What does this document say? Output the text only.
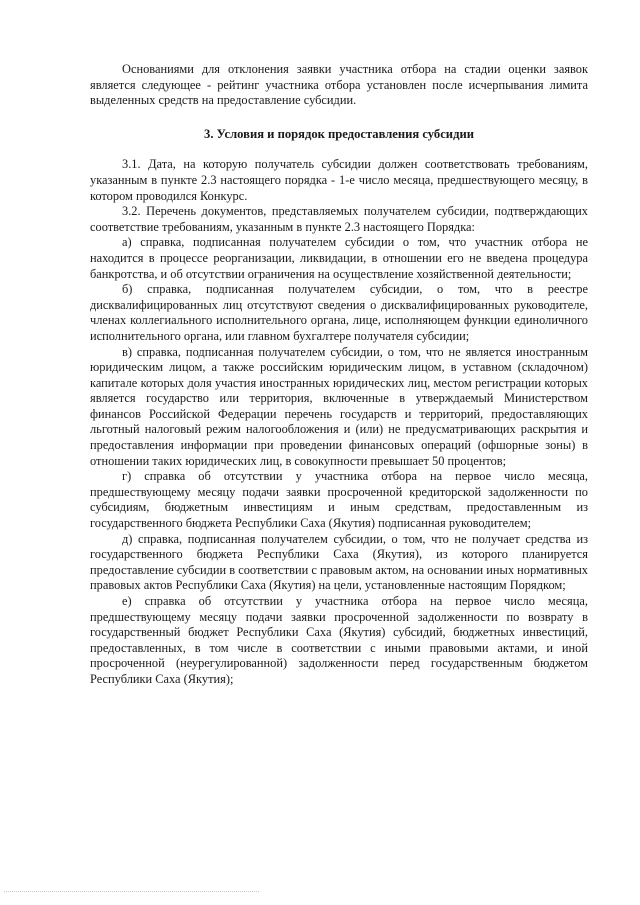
Основаниями для отклонения заявки участника отбора на стадии оценки заявок является следующее - рейтинг участника отбора установлен после исчерпывания лимита выделенных средств на предоставление субсидии.

3. Условия и порядок предоставления субсидии

3.1. Дата, на которую получатель субсидии должен соответствовать требованиям, указанным в пункте 2.3 настоящего порядка - 1-е число месяца, предшествующего месяцу, в котором проводился Конкурс.

3.2. Перечень документов, представляемых получателем субсидии, подтверждающих соответствие требованиям, указанным в пункте 2.3 настоящего Порядка:

а) справка, подписанная получателем субсидии о том, что участник отбора не находится в процессе реорганизации, ликвидации, в отношении его не введена процедура банкротства, и об отсутствии ограничения на осуществление хозяйственной деятельности;

б) справка, подписанная получателем субсидии, о том, что в реестре дисквалифицированных лиц отсутствуют сведения о дисквалифицированных руководителе, членах коллегиального исполнительного органа, лице, исполняющем функции единоличного исполнительного органа, или главном бухгалтере получателя субсидии;

в) справка, подписанная получателем субсидии, о том, что не является иностранным юридическим лицом, а также российским юридическим лицом, в уставном (складочном) капитале которых доля участия иностранных юридических лиц, местом регистрации которых является государство или территория, включенные в утверждаемый Министерством финансов Российской Федерации перечень государств и территорий, предоставляющих льготный налоговый режим налогообложения и (или) не предусматривающих раскрытия и предоставления информации при проведении финансовых операций (офшорные зоны) в отношении таких юридических лиц, в совокупности превышает 50 процентов;

г) справка об отсутствии у участника отбора на первое число месяца, предшествующему месяцу подачи заявки просроченной кредиторской задолженности по субсидиям, бюджетным инвестициям и иным средствам, предоставленным из государственного бюджета Республики Саха (Якутия) подписанная руководителем;

д) справка, подписанная получателем субсидии, о том, что не получает средства из государственного бюджета Республики Саха (Якутия), из которого планируется предоставление субсидии в соответствии с правовым актом, на основании иных нормативных правовых актов Республики Саха (Якутия) на цели, установленные настоящим Порядком;

е) справка об отсутствии у участника отбора на первое число месяца, предшествующему месяцу подачи заявки просроченной задолженности по возврату в государственный бюджет Республики Саха (Якутия) субсидий, бюджетных инвестиций, предоставленных, в том числе в соответствии с иными правовыми актами, и иной просроченной (неурегулированной) задолженности перед государственным бюджетом Республики Саха (Якутия);
